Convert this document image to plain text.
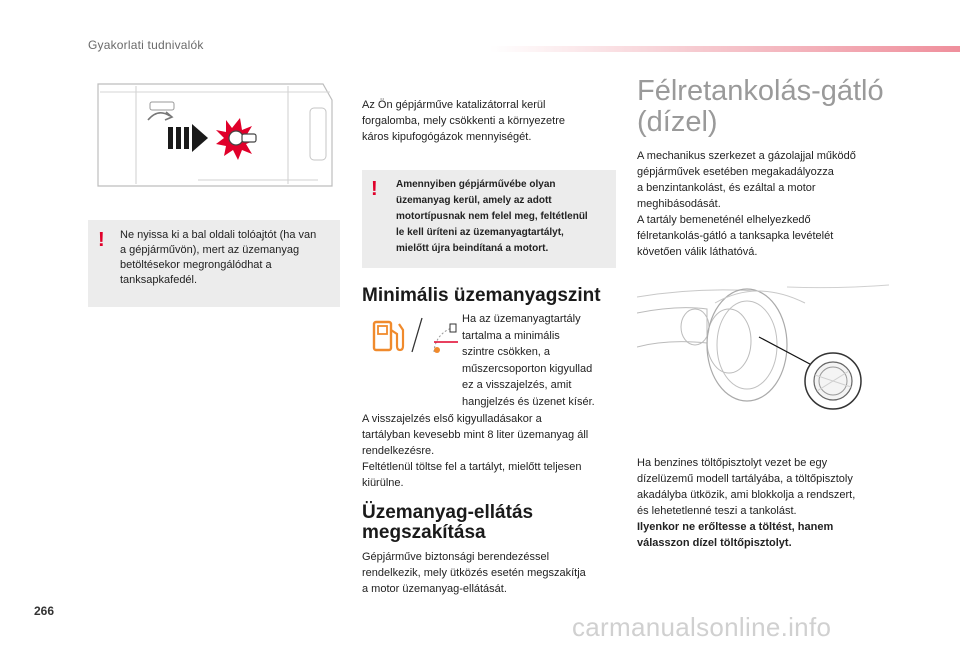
Gyakorlati tudnivalók
! Ne nyissa ki a bal oldali tolóajtót (ha van
a gépjárművön), mert az üzemanyag
betöltésekor megrongálódhat a
tanksapkafedél.
Az Ön gépjárműve katalizátorral kerül
forgalomba, mely csökkenti a környezetre
káros kipufogógázok mennyiségét.
! Amennyiben gépjárművébe olyan
üzemanyag kerül, amely az adott
motortípusnak nem felel meg, feltétlenül
le kell üríteni az üzemanyagtartályt,
mielőtt újra beindítaná a motort.
Minimális üzemanyagszint
Ha az üzemanyagtartály
tartalma a minimális
szintre csökken, a
műszercsoporton kigyullad
ez a visszajelzés, amit
hangjelzés és üzenet kísér.
A visszajelzés első kigyulladásakor a
tartályban kevesebb mint 8 liter üzemanyag áll
rendelkezésre.
Feltétlenül töltse fel a tartályt, mielőtt teljesen
kiürülne.
Üzemanyag-ellátás
megszakítása
Gépjárműve biztonsági berendezéssel
rendelkezik, mely ütközés esetén megszakítja
a motor üzemanyag-ellátását.
Félretankolás-gátló
(dízel)
A mechanikus szerkezet a gázolajjal működő
gépjárművek esetében megakadályozza
a benzintankolást, és ezáltal a motor
meghibásodását.
A tartály bemeneténél elhelyezkedő
félretankolás-gátló a tanksapka levételét
követően válik láthatóvá.
Ha benzines töltőpisztolyt vezet be egy
dízelüzemű modell tartályába, a töltőpisztoly
akadályba ütközik, ami blokkolja a rendszert,
és lehetetlenné teszi a tankolást.
Ilyenkor ne erőltesse a töltést, hanem
válasszon dízel töltőpisztolyt.
266
carmanualsonline.info
